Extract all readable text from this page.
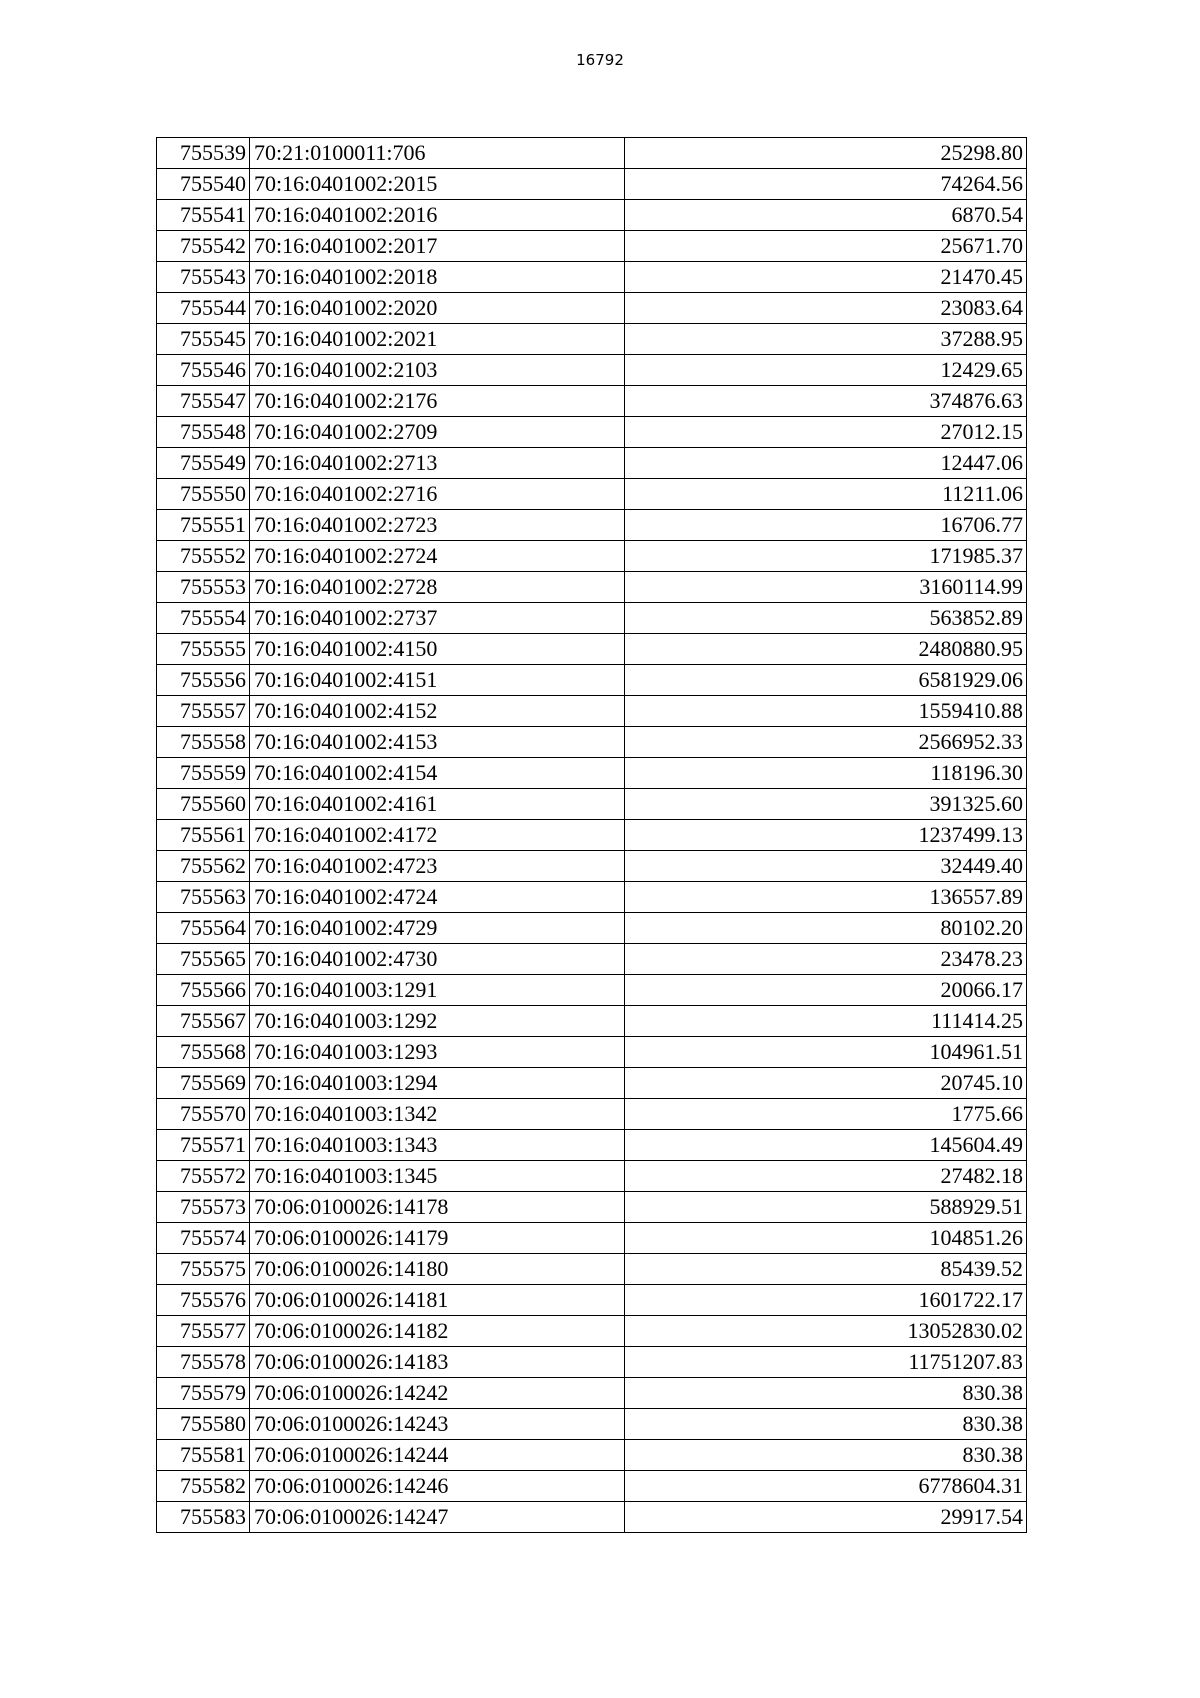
16792
755539	70:21:0100011:706	25298.80
755540	70:16:0401002:2015	74264.56
755541	70:16:0401002:2016	6870.54
755542	70:16:0401002:2017	25671.70
755543	70:16:0401002:2018	21470.45
755544	70:16:0401002:2020	23083.64
755545	70:16:0401002:2021	37288.95
755546	70:16:0401002:2103	12429.65
755547	70:16:0401002:2176	374876.63
755548	70:16:0401002:2709	27012.15
755549	70:16:0401002:2713	12447.06
755550	70:16:0401002:2716	11211.06
755551	70:16:0401002:2723	16706.77
755552	70:16:0401002:2724	171985.37
755553	70:16:0401002:2728	3160114.99
755554	70:16:0401002:2737	563852.89
755555	70:16:0401002:4150	2480880.95
755556	70:16:0401002:4151	6581929.06
755557	70:16:0401002:4152	1559410.88
755558	70:16:0401002:4153	2566952.33
755559	70:16:0401002:4154	118196.30
755560	70:16:0401002:4161	391325.60
755561	70:16:0401002:4172	1237499.13
755562	70:16:0401002:4723	32449.40
755563	70:16:0401002:4724	136557.89
755564	70:16:0401002:4729	80102.20
755565	70:16:0401002:4730	23478.23
755566	70:16:0401003:1291	20066.17
755567	70:16:0401003:1292	111414.25
755568	70:16:0401003:1293	104961.51
755569	70:16:0401003:1294	20745.10
755570	70:16:0401003:1342	1775.66
755571	70:16:0401003:1343	145604.49
755572	70:16:0401003:1345	27482.18
755573	70:06:0100026:14178	588929.51
755574	70:06:0100026:14179	104851.26
755575	70:06:0100026:14180	85439.52
755576	70:06:0100026:14181	1601722.17
755577	70:06:0100026:14182	13052830.02
755578	70:06:0100026:14183	11751207.83
755579	70:06:0100026:14242	830.38
755580	70:06:0100026:14243	830.38
755581	70:06:0100026:14244	830.38
755582	70:06:0100026:14246	6778604.31
755583	70:06:0100026:14247	29917.54
